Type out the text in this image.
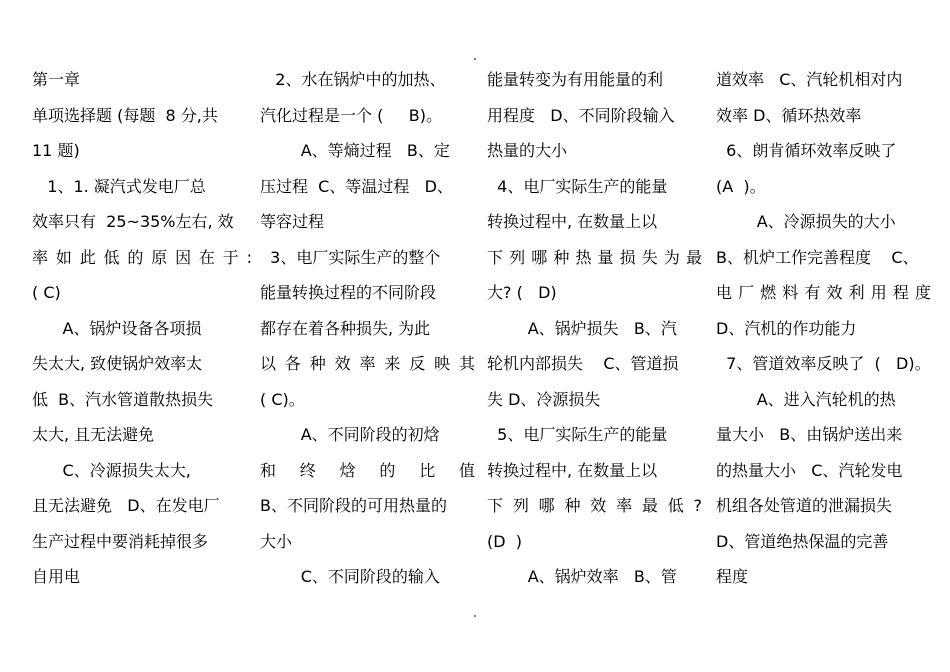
第一章
单项选择题 (每题  8 分,共
11 题)
1、1. 凝汽式发电厂总
效率只有  25~35%左右, 效
率如此低的原因在于:
( C)
A、锅炉设备各项损
失太大, 致使锅炉效率太
低  B、汽水管道散热损失
太大, 且无法避免
C、冷源损失太大,
且无法避免   D、在发电厂
生产过程中要消耗掉很多
自用电
2、水在锅炉中的加热、
汽化过程是一个 (     B)。
A、等熵过程   B、定
压过程  C、等温过程   D、
等容过程
3、电厂实际生产的整个
能量转换过程的不同阶段
都存在着各种损失, 为此
以各种效率来反映其
( C)。
A、不同阶段的初焓
和 终 焓 的 比 值
B、不同阶段的可用热量的
大小
C、不同阶段的输入
能量转变为有用能量的利
用程度   D、不同阶段输入
热量的大小
4、电厂实际生产的能量
转换过程中, 在数量上以
下列哪种热量损失为最
大? (   D)
A、锅炉损失   B、汽
轮机内部损失    C、管道损
失 D、冷源损失
5、电厂实际生产的能量
转换过程中, 在数量上以
下列哪种效率最低?
(D  )
A、锅炉效率   B、管
道效率   C、汽轮机相对内
效率 D、循环热效率
6、朗肯循环效率反映了
(A  )。
A、冷源损失的大小
B、机炉工作完善程度    C、
电厂燃料有效利用程度
D、汽机的作功能力
7、管道效率反映了  (   D)。
A、进入汽轮机的热
量大小   B、由锅炉送出来
的热量大小   C、汽轮发电
机组各处管道的泄漏损失
D、管道绝热保温的完善
程度
